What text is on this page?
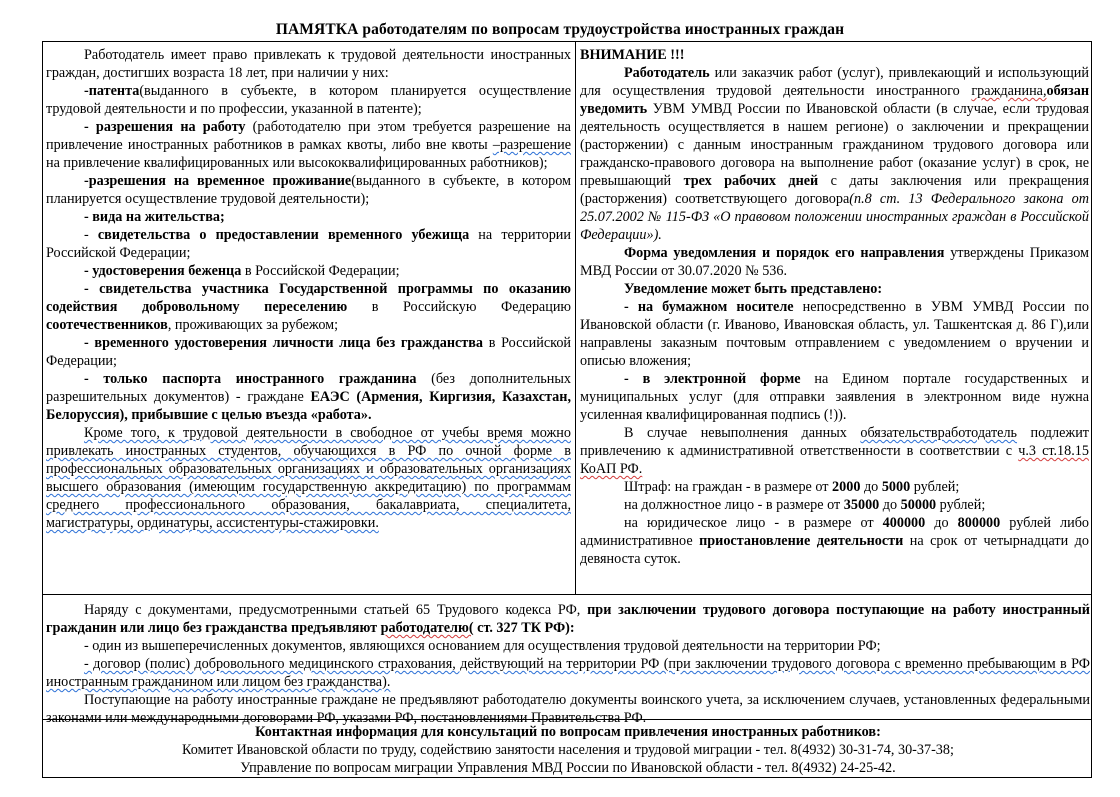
ПАМЯТКА работодателям по вопросам трудоустройства иностранных граждан

Работодатель имеет право привлекать к трудовой деятельности иностранных граждан, достигших возраста 18 лет, при наличии у них:

-патента(выданного в субъекте, в котором планируется осуществление трудовой деятельности и по профессии, указанной в патенте);

- разрешения на работу (работодателю при этом требуется разрешение на привлечение иностранных работников в рамках квоты, либо вне квоты –разрешение на привлечение квалифицированных или высококвалифицированных работников);

-разрешения на временное проживание(выданного в субъекте, в котором планируется осуществление трудовой деятельности);

- вида на жительства;

- свидетельства о предоставлении временного убежища на территории Российской Федерации;

- удостоверения беженца в Российской Федерации;

- свидетельства участника Государственной программы по оказанию содействия добровольному переселению в Российскую Федерацию соотечественников, проживающих за рубежом;

- временного удостоверения личности лица без гражданства в Российской Федерации;

- только паспорта иностранного гражданина (без дополнительных разрешительных документов) - граждане ЕАЭС (Армения, Киргизия, Казахстан, Белоруссия), прибывшие с целью въезда «работа».

Кроме того, к трудовой деятельности в свободное от учебы время можно привлекать иностранных студентов, обучающихся в РФ по очной форме в профессиональных образовательных организациях и образовательных организациях высшего образования (имеющим государственную аккредитацию) по программам среднего профессионального образования, бакалавриата, специалитета, магистратуры, ординатуры, ассистентуры-стажировки.

ВНИМАНИЕ !!!

Работодатель или заказчик работ (услуг), привлекающий и использующий для осуществления трудовой деятельности иностранного гражданина,обязан уведомить УВМ УМВД России по Ивановской области (в случае, если трудовая деятельность осуществляется в нашем регионе) о заключении и прекращении (расторжении) с данным иностранным гражданином трудового договора или гражданско-правового договора на выполнение работ (оказание услуг) в срок, не превышающий трех рабочих дней с даты заключения или прекращения (расторжения) соответствующего договора(п.8 ст. 13 Федерального закона от 25.07.2002 № 115-ФЗ «О правовом положении иностранных граждан в Российской Федерации»).

Форма уведомления и порядок его направления утверждены Приказом МВД России от 30.07.2020 № 536.

Уведомление может быть представлено:

- на бумажном носителе непосредственно в УВМ УМВД России по Ивановской области (г. Иваново, Ивановская область, ул. Ташкентская д. 86 Г),или направлены заказным почтовым отправлением с уведомлением о вручении и описью вложения;

- в электронной форме на Едином портале государственных и муниципальных услуг (для отправки заявления в электронном виде нужна усиленная квалифицированная подпись (!)).

В случае невыполнения данных обязательствработодатель подлежит привлечению к административной ответственности в соответствии с ч.3 ст.18.15 КоАП РФ.

Штраф: на граждан - в размере от 2000 до 5000 рублей;

на должностное лицо - в размере от 35000 до 50000 рублей;

на юридическое лицо - в размере от 400000 до 800000 рублей либо административное приостановление деятельности на срок от четырнадцати до девяноста суток.

Наряду с документами, предусмотренными статьей 65 Трудового кодекса РФ, при заключении трудового договора поступающие на работу иностранный гражданин или лицо без гражданства предъявляют работодателю( ст. 327 ТК РФ):

- один из вышеперечисленных документов, являющихся основанием для осуществления трудовой деятельности на территории РФ;

- договор (полис) добровольного медицинского страхования, действующий на территории РФ (при заключении трудового договора с временно пребывающим в РФ иностранным гражданином или лицом без гражданства).

Поступающие на работу иностранные граждане не предъявляют работодателю документы воинского учета, за исключением случаев, установленных федеральными законами или международными договорами РФ, указами РФ, постановлениями Правительства РФ.

Контактная информация для консультаций по вопросам привлечения иностранных работников:

Комитет Ивановской области по труду, содействию занятости населения и трудовой миграции - тел. 8(4932) 30-31-74, 30-37-38;

Управление по вопросам миграции Управления МВД России по Ивановской области - тел. 8(4932) 24-25-42.
